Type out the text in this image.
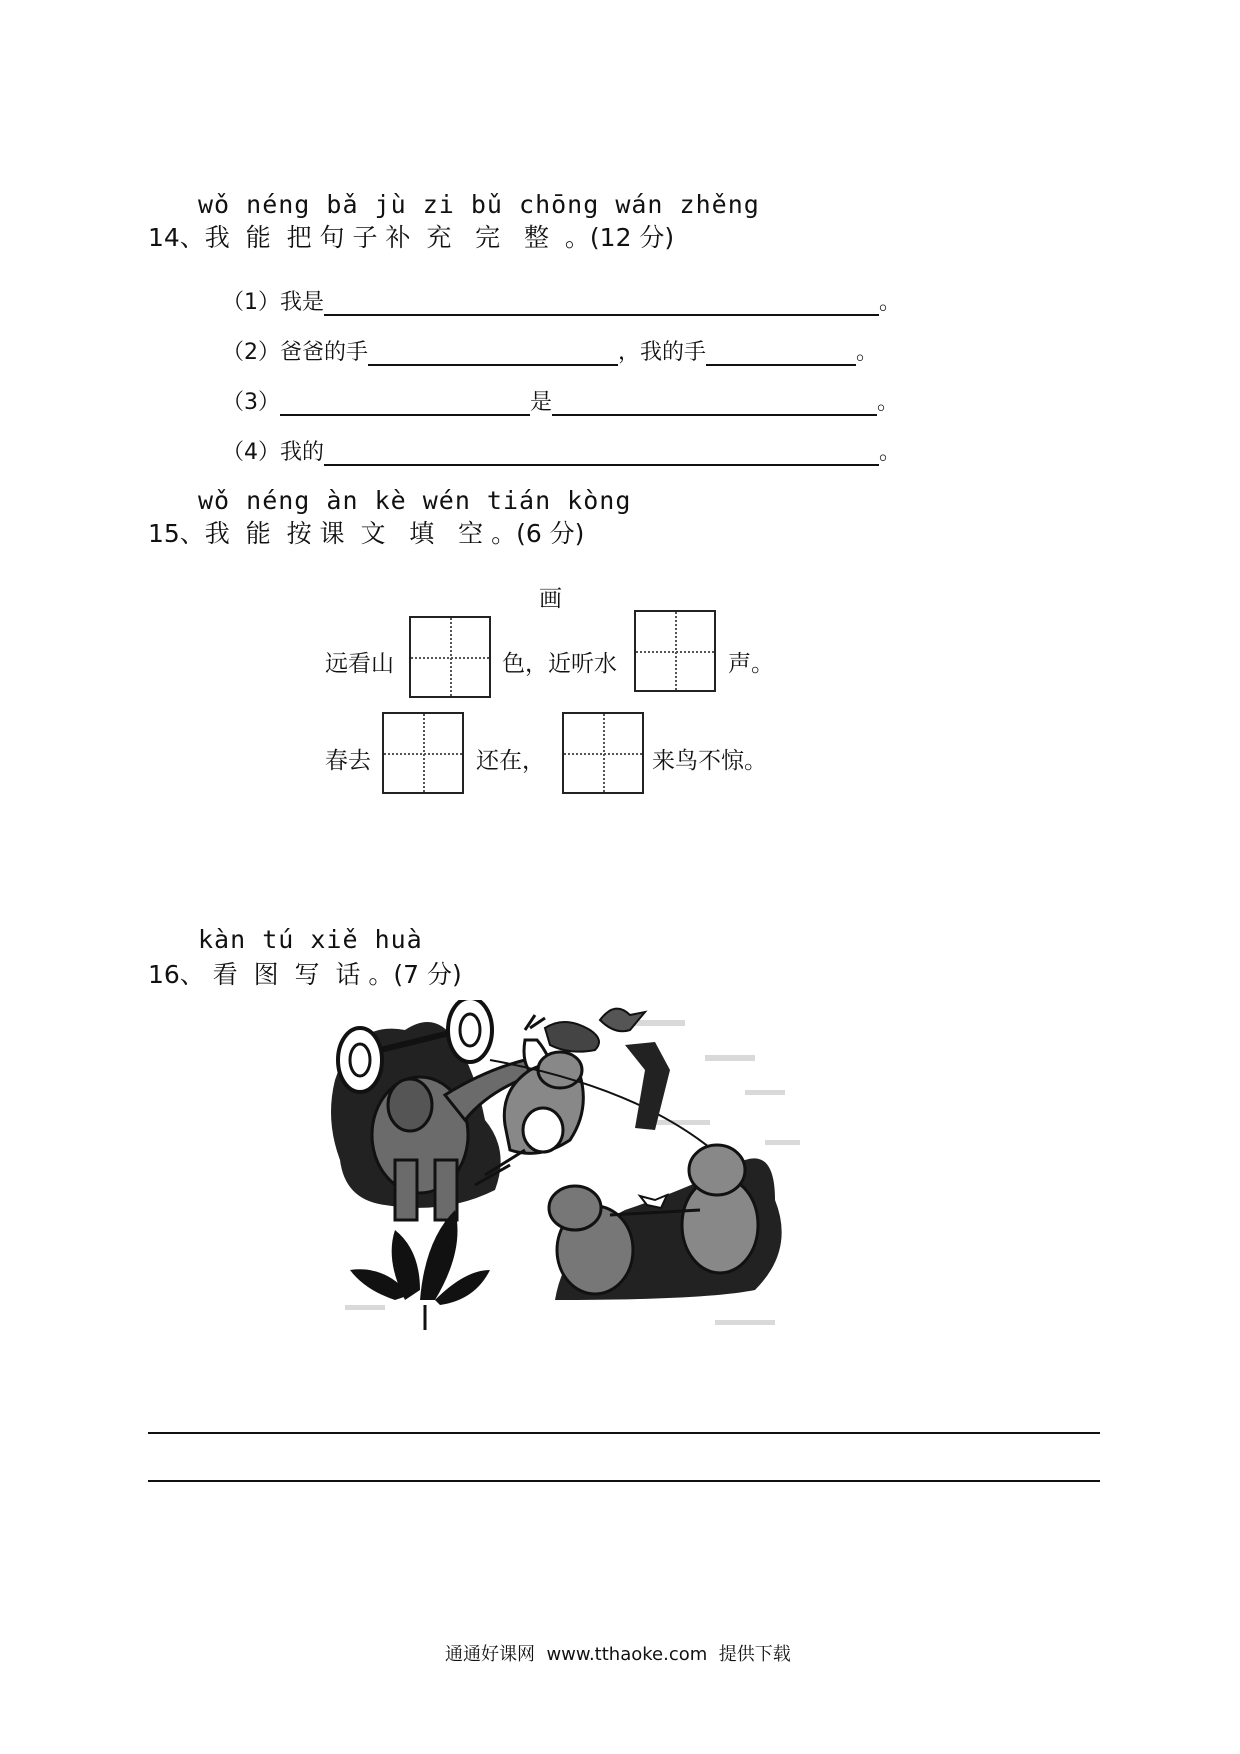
wǒ néng bǎ jù zi bǔ chōng wán zhěng
14、我  能  把 句 子 补  充   完   整  。(12 分)

（1）我是	。

（2）爸爸的手	，我的手	。

（3）	是	。

（4）我的	。

wǒ néng àn kè wén tián kòng
15、我  能  按 课  文   填   空 。(6 分)
画
远看山	色，近听水	声。
春去	还在，	来鸟不惊。
kàn tú xiě huà
16、 看  图  写  话 。(7 分)
通通好课网  www.tthaoke.com  提供下载
